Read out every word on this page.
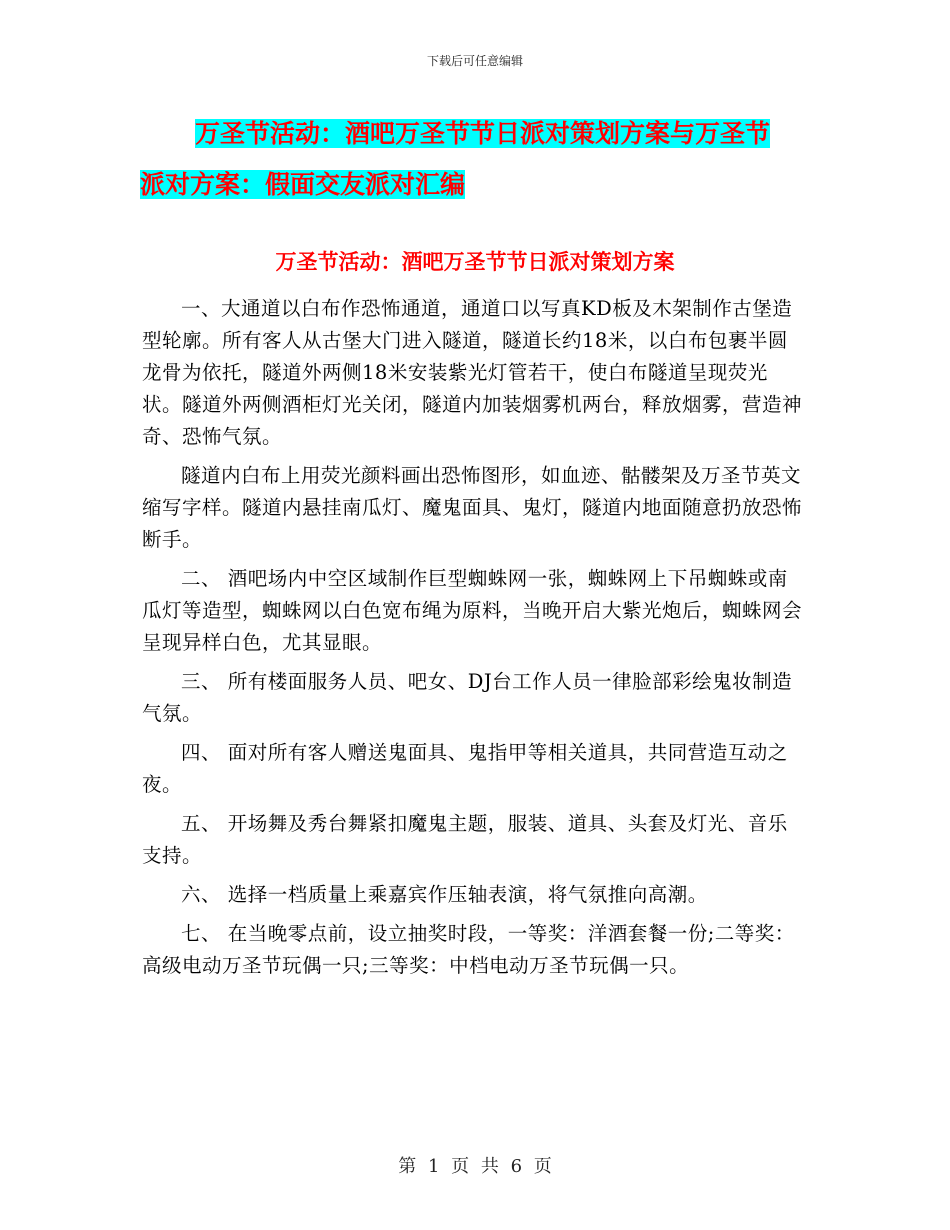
下载后可任意编辑
万圣节活动：酒吧万圣节节日派对策划方案与万圣节
派对方案：假面交友派对汇编
万圣节活动：酒吧万圣节节日派对策划方案

一、大通道以白布作恐怖通道，通道口以写真KD板及木架制作古堡造型轮廓。所有客人从古堡大门进入隧道，隧道长约18米，以白布包裹半圆龙骨为依托，隧道外两侧18米安装紫光灯管若干，使白布隧道呈现荧光状。隧道外两侧酒柜灯光关闭，隧道内加装烟雾机两台，释放烟雾，营造神奇、恐怖气氛。

隧道内白布上用荧光颜料画出恐怖图形，如血迹、骷髅架及万圣节英文缩写字样。隧道内悬挂南瓜灯、魔鬼面具、鬼灯，隧道内地面随意扔放恐怖断手。

二、 酒吧场内中空区域制作巨型蜘蛛网一张，蜘蛛网上下吊蜘蛛或南瓜灯等造型，蜘蛛网以白色宽布绳为原料，当晚开启大紫光炮后，蜘蛛网会呈现异样白色，尤其显眼。

三、 所有楼面服务人员、吧女、DJ台工作人员一律脸部彩绘鬼妆制造气氛。

四、 面对所有客人赠送鬼面具、鬼指甲等相关道具，共同营造互动之夜。

五、 开场舞及秀台舞紧扣魔鬼主题，服装、道具、头套及灯光、音乐支持。

六、 选择一档质量上乘嘉宾作压轴表演，将气氛推向高潮。

七、 在当晚零点前，设立抽奖时段，一等奖：洋酒套餐一份;二等奖：高级电动万圣节玩偶一只;三等奖：中档电动万圣节玩偶一只。

第 1 页 共 6 页
